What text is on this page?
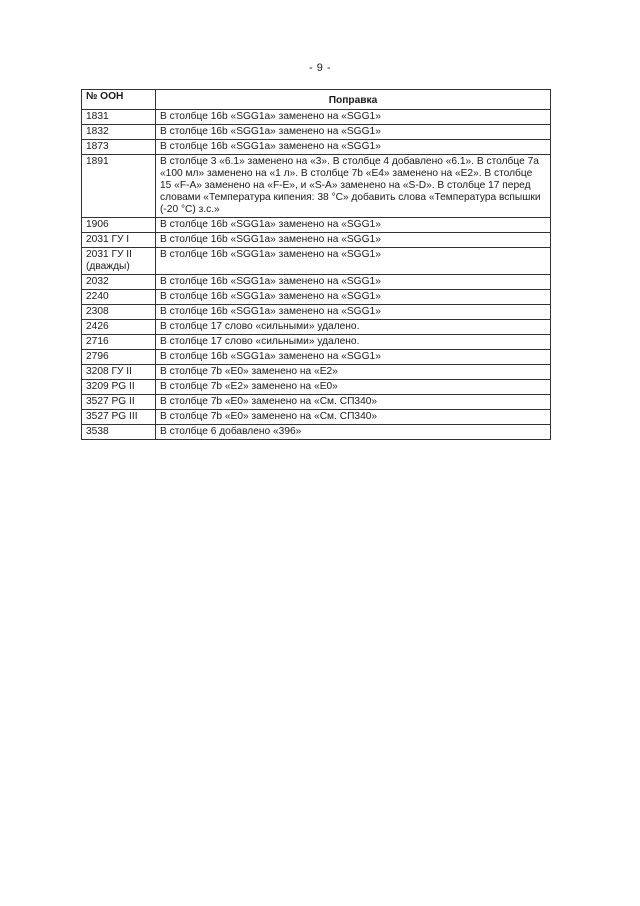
- 9 -
№ ООН	Поправка
1831	В столбце 16b «SGG1a» заменено на «SGG1»
1832	В столбце 16b «SGG1a» заменено на «SGG1»
1873	В столбце 16b «SGG1a» заменено на «SGG1»
1891	В столбце 3 «6.1» заменено на «3». В столбце 4 добавлено «6.1». В столбце 7a «100 мл» заменено на «1 л». В столбце 7b «E4» заменено на «E2». В столбце 15 «F-A» заменено на «F-E», и «S-A» заменено на «S-D». В столбце 17 перед словами «Температура кипения: 38 °C» добавить слова «Температура вспышки (-20 °C) з.с.»
1906	В столбце 16b «SGG1a» заменено на «SGG1»
2031 ГУ I	В столбце 16b «SGG1a» заменено на «SGG1»
2031 ГУ II (дважды)	В столбце 16b «SGG1a» заменено на «SGG1»
2032	В столбце 16b «SGG1a» заменено на «SGG1»
2240	В столбце 16b «SGG1a» заменено на «SGG1»
2308	В столбце 16b «SGG1a» заменено на «SGG1»
2426	В столбце 17 слово «сильными» удалено.
2716	В столбце 17 слово «сильными» удалено.
2796	В столбце 16b «SGG1a» заменено на «SGG1»
3208 ГУ II	В столбце 7b «E0» заменено на «E2»
3209 PG II	В столбце 7b «E2» заменено на «E0»
3527 PG II	В столбце 7b «E0» заменено на «См. СП340»
3527 PG III	В столбце 7b «E0» заменено на «См. СП340»
3538	В столбце 6 добавлено «396»
